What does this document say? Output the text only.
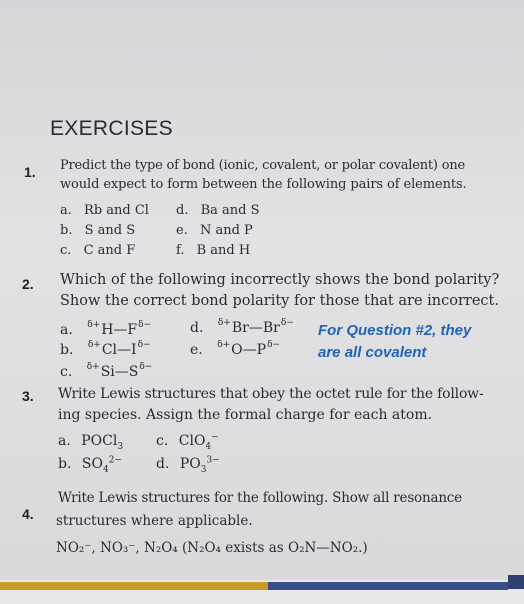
EXERCISES
1. Predict the type of bond (ionic, covalent, or polar covalent) one
would expect to form between the following pairs of elements.
a. Rb and Cl
b. S and S
c. C and F
d. Ba and S
e. N and P
f. B and H
2. Which of the following incorrectly shows the bond polarity?
Show the correct bond polarity for those that are incorrect.
a. $^{\delta+}H—F^{\delta-}$
b. $^{\delta+}Cl—I^{\delta-}$
c. $^{\delta+}Si—S^{\delta-}$
d. $^{\delta+}Br—Br^{\delta-}$
e. $^{\delta+}O—P^{\delta-}$
For Question #2, they
are all covalent
3. Write Lewis structures that obey the octet rule for the follow-
ing species. Assign the formal charge for each atom.
a. POCl$_3$
b. $SO_4^{2-}$
c. ClO$_4$−
d. $PO_3^{3-}$
4.
Write Lewis structures for the following. Show all resonance
structures where applicable.
NO₂⁻, NO₃⁻, N₂O₄ (N₂O₄ exists as O₂N—NO₂.)
